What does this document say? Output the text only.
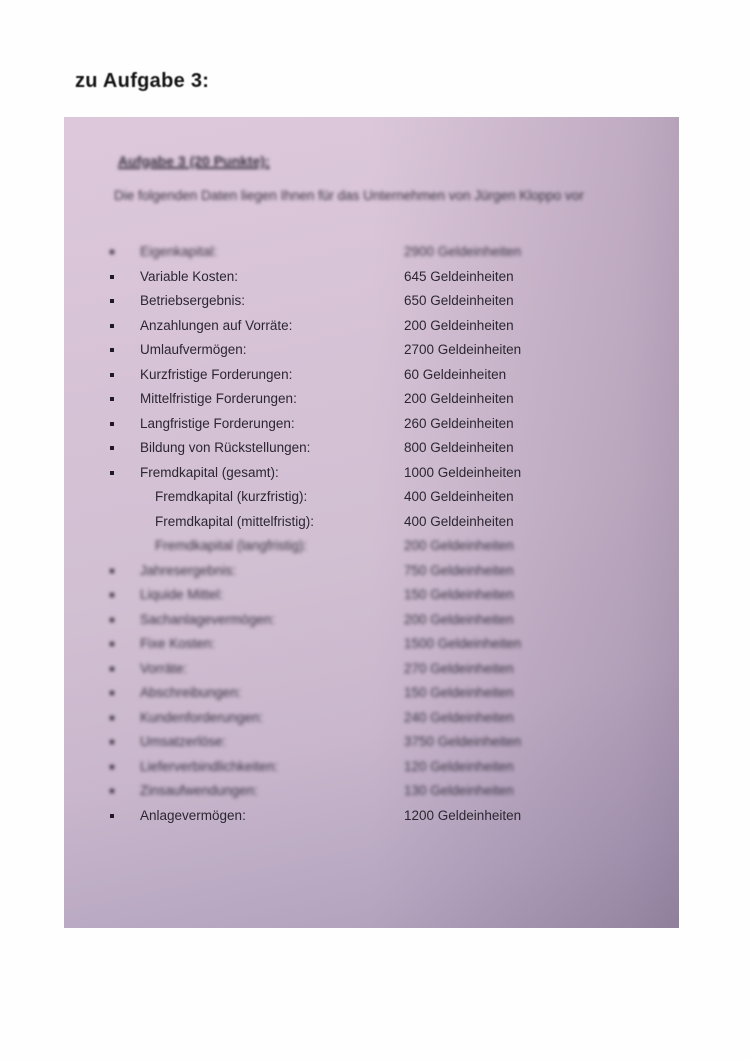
zu Aufgabe 3:
Aufgabe 3 (20 Punkte):
Die folgenden Daten liegen Ihnen für das Unternehmen von Jürgen Kloppo vor
Eigenkapital:	2900 Geldeinheiten
Variable Kosten:	645 Geldeinheiten
Betriebsergebnis:	650 Geldeinheiten
Anzahlungen auf Vorräte:	200 Geldeinheiten
Umlaufvermögen:	2700 Geldeinheiten
Kurzfristige Forderungen:	60 Geldeinheiten
Mittelfristige Forderungen:	200 Geldeinheiten
Langfristige Forderungen:	260 Geldeinheiten
Bildung von Rückstellungen:	800 Geldeinheiten
Fremdkapital (gesamt):	1000 Geldeinheiten
Fremdkapital (kurzfristig):	400 Geldeinheiten
Fremdkapital (mittelfristig):	400 Geldeinheiten
Fremdkapital (langfristig):	200 Geldeinheiten
Jahresergebnis:	750 Geldeinheiten
Liquide Mittel:	150 Geldeinheiten
Sachanlagevermögen:	200 Geldeinheiten
Fixe Kosten:	1500 Geldeinheiten
Vorräte:	270 Geldeinheiten
Abschreibungen:	150 Geldeinheiten
Kundenforderungen:	240 Geldeinheiten
Umsatzerlöse:	3750 Geldeinheiten
Lieferverbindlichkeiten:	120 Geldeinheiten
Zinsaufwendungen:	130 Geldeinheiten
Anlagevermögen:	1200 Geldeinheiten
